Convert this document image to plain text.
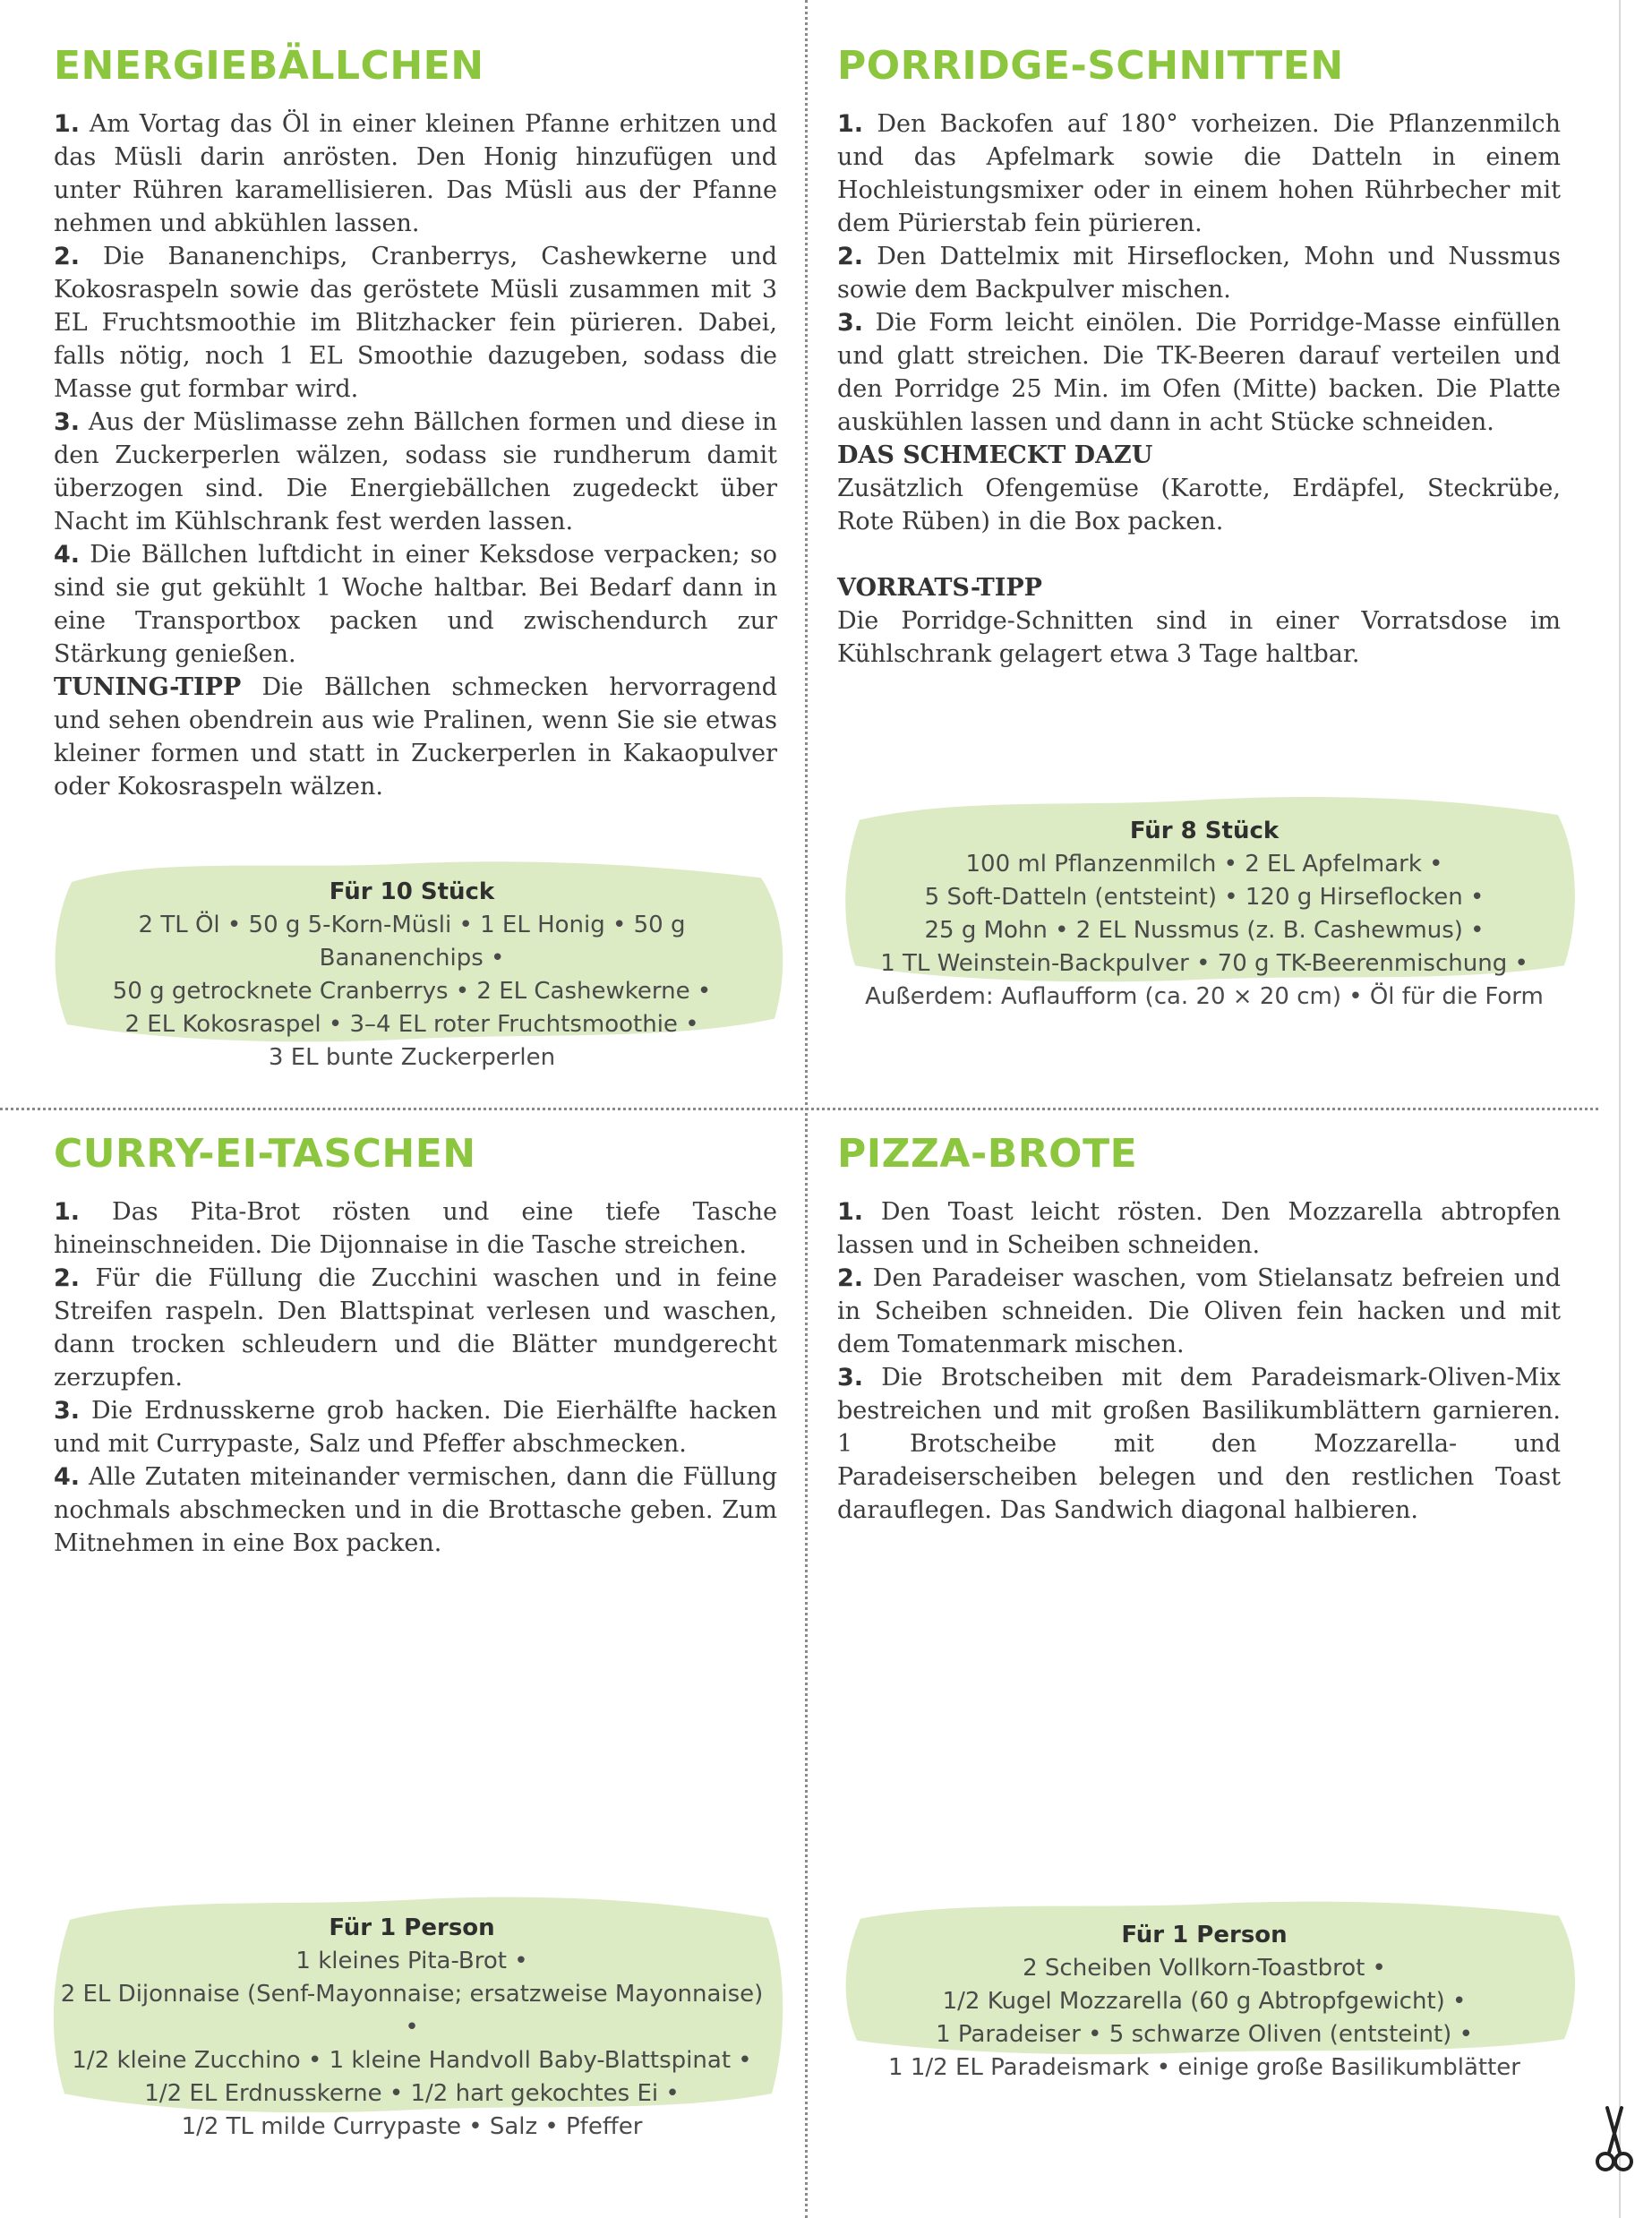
ENERGIEBÄLLCHEN

1. Am Vortag das Öl in einer kleinen Pfanne erhitzen und das Müsli darin anrösten. Den Honig hinzufügen und unter Rühren karamellisieren. Das Müsli aus der Pfanne nehmen und abkühlen lassen.

2. Die Bananenchips, Cranberrys, Cashewkerne und Kokosraspeln sowie das geröstete Müsli zusammen mit 3 EL Fruchtsmoothie im Blitzhacker fein pürieren. Dabei, falls nötig, noch 1 EL Smoothie dazugeben, sodass die Masse gut formbar wird.

3. Aus der Müslimasse zehn Bällchen formen und diese in den Zuckerperlen wälzen, sodass sie rundherum damit überzogen sind. Die Energiebällchen zugedeckt über Nacht im Kühlschrank fest werden lassen.

4. Die Bällchen luftdicht in einer Keksdose verpacken; so sind sie gut gekühlt 1 Woche haltbar. Bei Bedarf dann in eine Transportbox packen und zwischendurch zur Stärkung genießen.

TUNING-TIPP Die Bällchen schmecken hervorragend und sehen obendrein aus wie Pralinen, wenn Sie sie etwas kleiner formen und statt in Zuckerperlen in Kakaopulver oder Kokosraspeln wälzen.

Für 10 Stück
2 TL Öl • 50 g 5-Korn-Müsli • 1 EL Honig • 50 g Bananenchips •
50 g getrocknete Cranberrys • 2 EL Cashewkerne •
2 EL Kokosraspel • 3–4 EL roter Fruchtsmoothie •
3 EL bunte Zuckerperlen
PORRIDGE-SCHNITTEN

1. Den Backofen auf 180° vorheizen. Die Pflanzenmilch und das Apfelmark sowie die Datteln in einem Hochleistungsmixer oder in einem hohen Rührbecher mit dem Pürierstab fein pürieren.

2. Den Dattelmix mit Hirseflocken, Mohn und Nussmus sowie dem Backpulver mischen.

3. Die Form leicht einölen. Die Porridge-Masse einfüllen und glatt streichen. Die TK-Beeren darauf verteilen und den Porridge 25 Min. im Ofen (Mitte) backen. Die Platte auskühlen lassen und dann in acht Stücke schneiden.

DAS SCHMECKT DAZU

Zusätzlich Ofengemüse (Karotte, Erdäpfel, Steckrübe, Rote Rüben) in die Box packen.

VORRATS-TIPP

Die Porridge-Schnitten sind in einer Vorratsdose im Kühlschrank gelagert etwa 3 Tage haltbar.

Für 8 Stück
100 ml Pflanzenmilch • 2 EL Apfelmark •
5 Soft-Datteln (entsteint) • 120 g Hirseflocken •
25 g Mohn • 2 EL Nussmus (z. B. Cashewmus) •
1 TL Weinstein-Backpulver • 70 g TK-Beerenmischung •
Außerdem: Auflaufform (ca. 20 × 20 cm) • Öl für die Form
CURRY-EI-TASCHEN

1. Das Pita-Brot rösten und eine tiefe Tasche hineinschneiden. Die Dijonnaise in die Tasche streichen.

2. Für die Füllung die Zucchini waschen und in feine Streifen raspeln. Den Blattspinat verlesen und waschen, dann trocken schleudern und die Blätter mundgerecht zerzupfen.

3. Die Erdnusskerne grob hacken. Die Eierhälfte hacken und mit Currypaste, Salz und Pfeffer abschmecken.

4. Alle Zutaten miteinander vermischen, dann die Füllung nochmals abschmecken und in die Brottasche geben. Zum Mitnehmen in eine Box packen.

Für 1 Person
1 kleines Pita-Brot •
2 EL Dijonnaise (Senf-Mayonnaise; ersatzweise Mayonnaise) •
1/2 kleine Zucchino • 1 kleine Handvoll Baby-Blattspinat •
1/2 EL Erdnusskerne • 1/2 hart gekochtes Ei •
1/2 TL milde Currypaste • Salz • Pfeffer
PIZZA-BROTE

1. Den Toast leicht rösten. Den Mozzarella abtropfen lassen und in Scheiben schneiden.

2. Den Paradeiser waschen, vom Stielansatz befreien und in Scheiben schneiden. Die Oliven fein hacken und mit dem Tomatenmark mischen.

3. Die Brotscheiben mit dem Paradeismark-Oliven-Mix bestreichen und mit großen Basilikumblättern garnieren. 1 Brotscheibe mit den Mozzarella- und Paradeiserscheiben belegen und den restlichen Toast darauflegen. Das Sandwich diagonal halbieren.

Für 1 Person
2 Scheiben Vollkorn-Toastbrot •
1/2 Kugel Mozzarella (60 g Abtropfgewicht) •
1 Paradeiser • 5 schwarze Oliven (entsteint) •
1 1/2 EL Paradeismark • einige große Basilikumblätter
